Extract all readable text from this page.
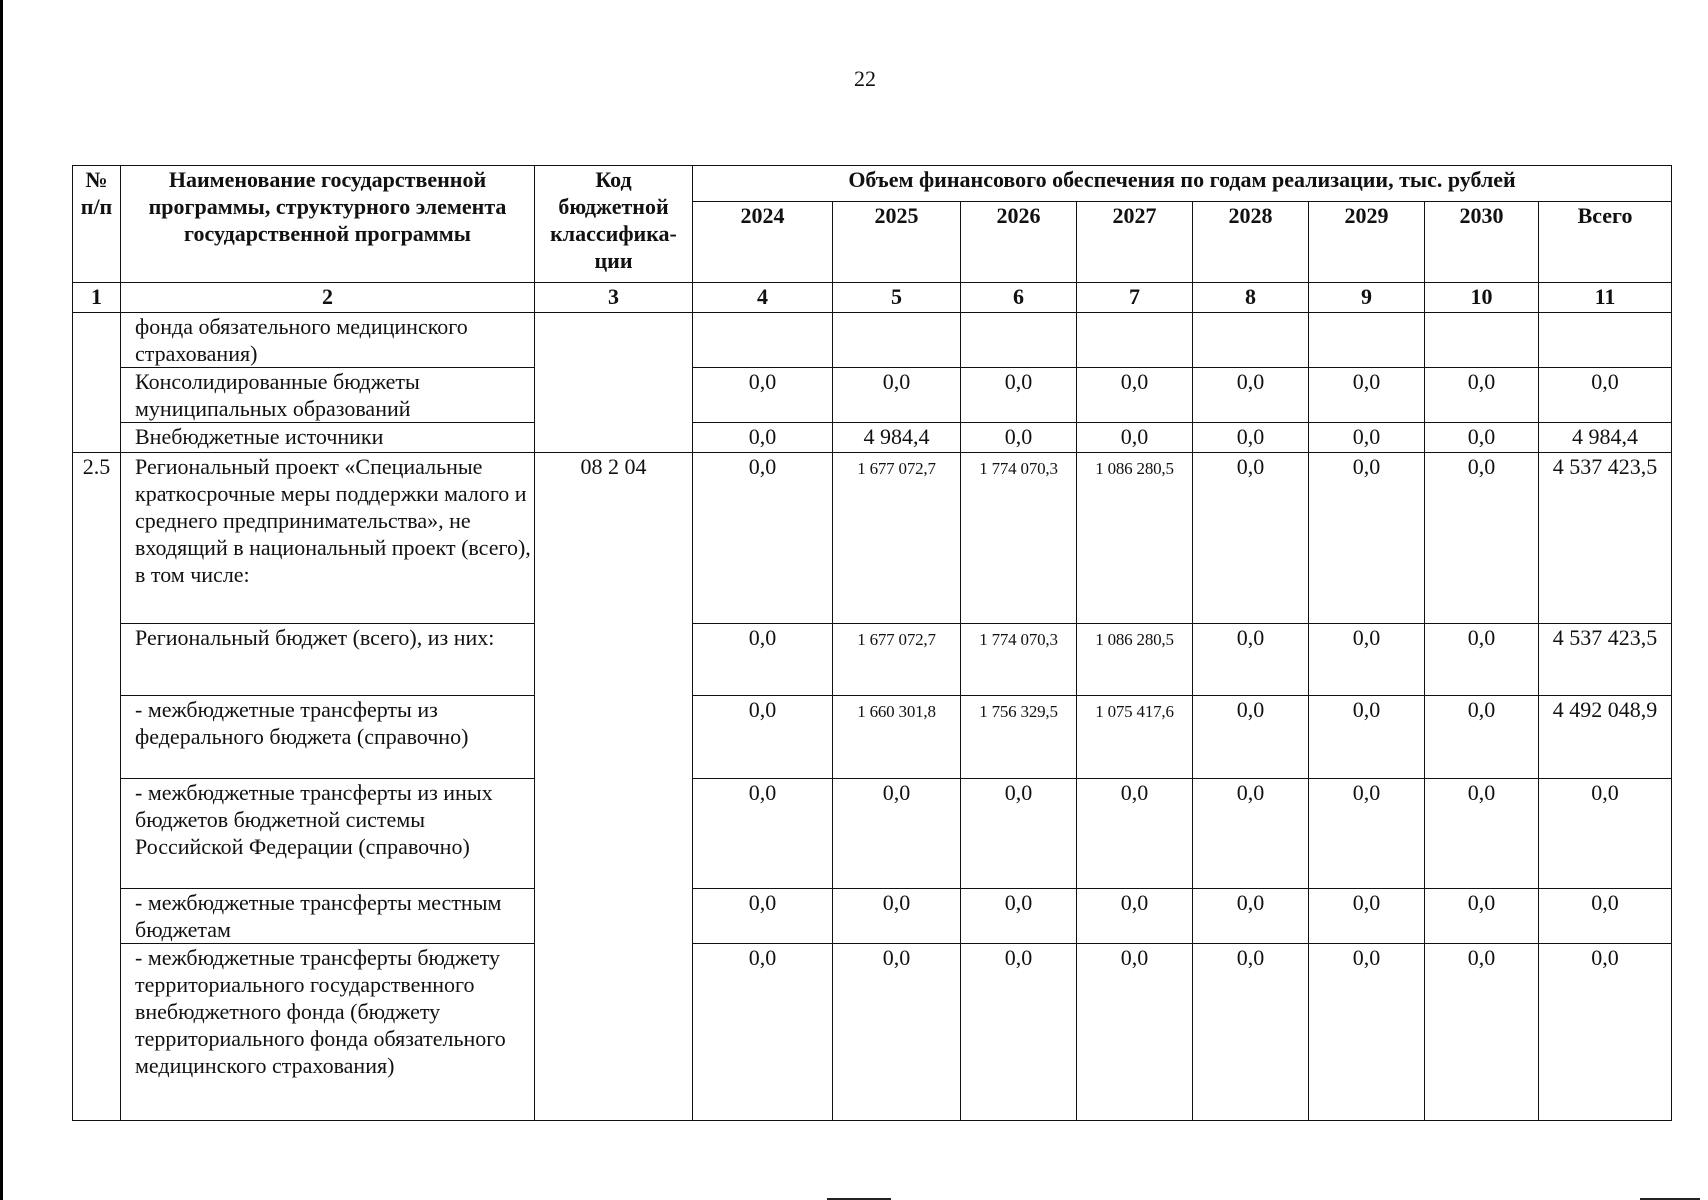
22
№ п/п	Наименование государственной программы, структурного элемента государственной программы	Код бюджетной классифика-ции	Объем финансового обеспечения по годам реализации, тыс. рублей							
			2024	2025	2026	2027	2028	2029	2030	Всего
1	2	3	4	5	6	7	8	9	10	11
	фонда обязательного медицинского страхования)									
	Консолидированные бюджеты муниципальных образований		0,0	0,0	0,0	0,0	0,0	0,0	0,0	0,0
	Внебюджетные источники		0,0	4 984,4	0,0	0,0	0,0	0,0	0,0	4 984,4
2.5	Региональный проект «Специальные краткосрочные меры поддержки малого и среднего предпринимательства», не входящий в национальный проект (всего), в том числе:	08 2 04	0,0	1 677 072,7	1 774 070,3	1 086 280,5	0,0	0,0	0,0	4 537 423,5
	Региональный бюджет (всего), из них:		0,0	1 677 072,7	1 774 070,3	1 086 280,5	0,0	0,0	0,0	4 537 423,5
	- межбюджетные трансферты из федерального бюджета (справочно)		0,0	1 660 301,8	1 756 329,5	1 075 417,6	0,0	0,0	0,0	4 492 048,9
	- межбюджетные трансферты из иных бюджетов бюджетной системы Российской Федерации (справочно)		0,0	0,0	0,0	0,0	0,0	0,0	0,0	0,0
	- межбюджетные трансферты местным бюджетам		0,0	0,0	0,0	0,0	0,0	0,0	0,0	0,0
	- межбюджетные трансферты бюджету территориального государственного внебюджетного фонда (бюджету территориального фонда обязательного медицинского страхования)		0,0	0,0	0,0	0,0	0,0	0,0	0,0	0,0
